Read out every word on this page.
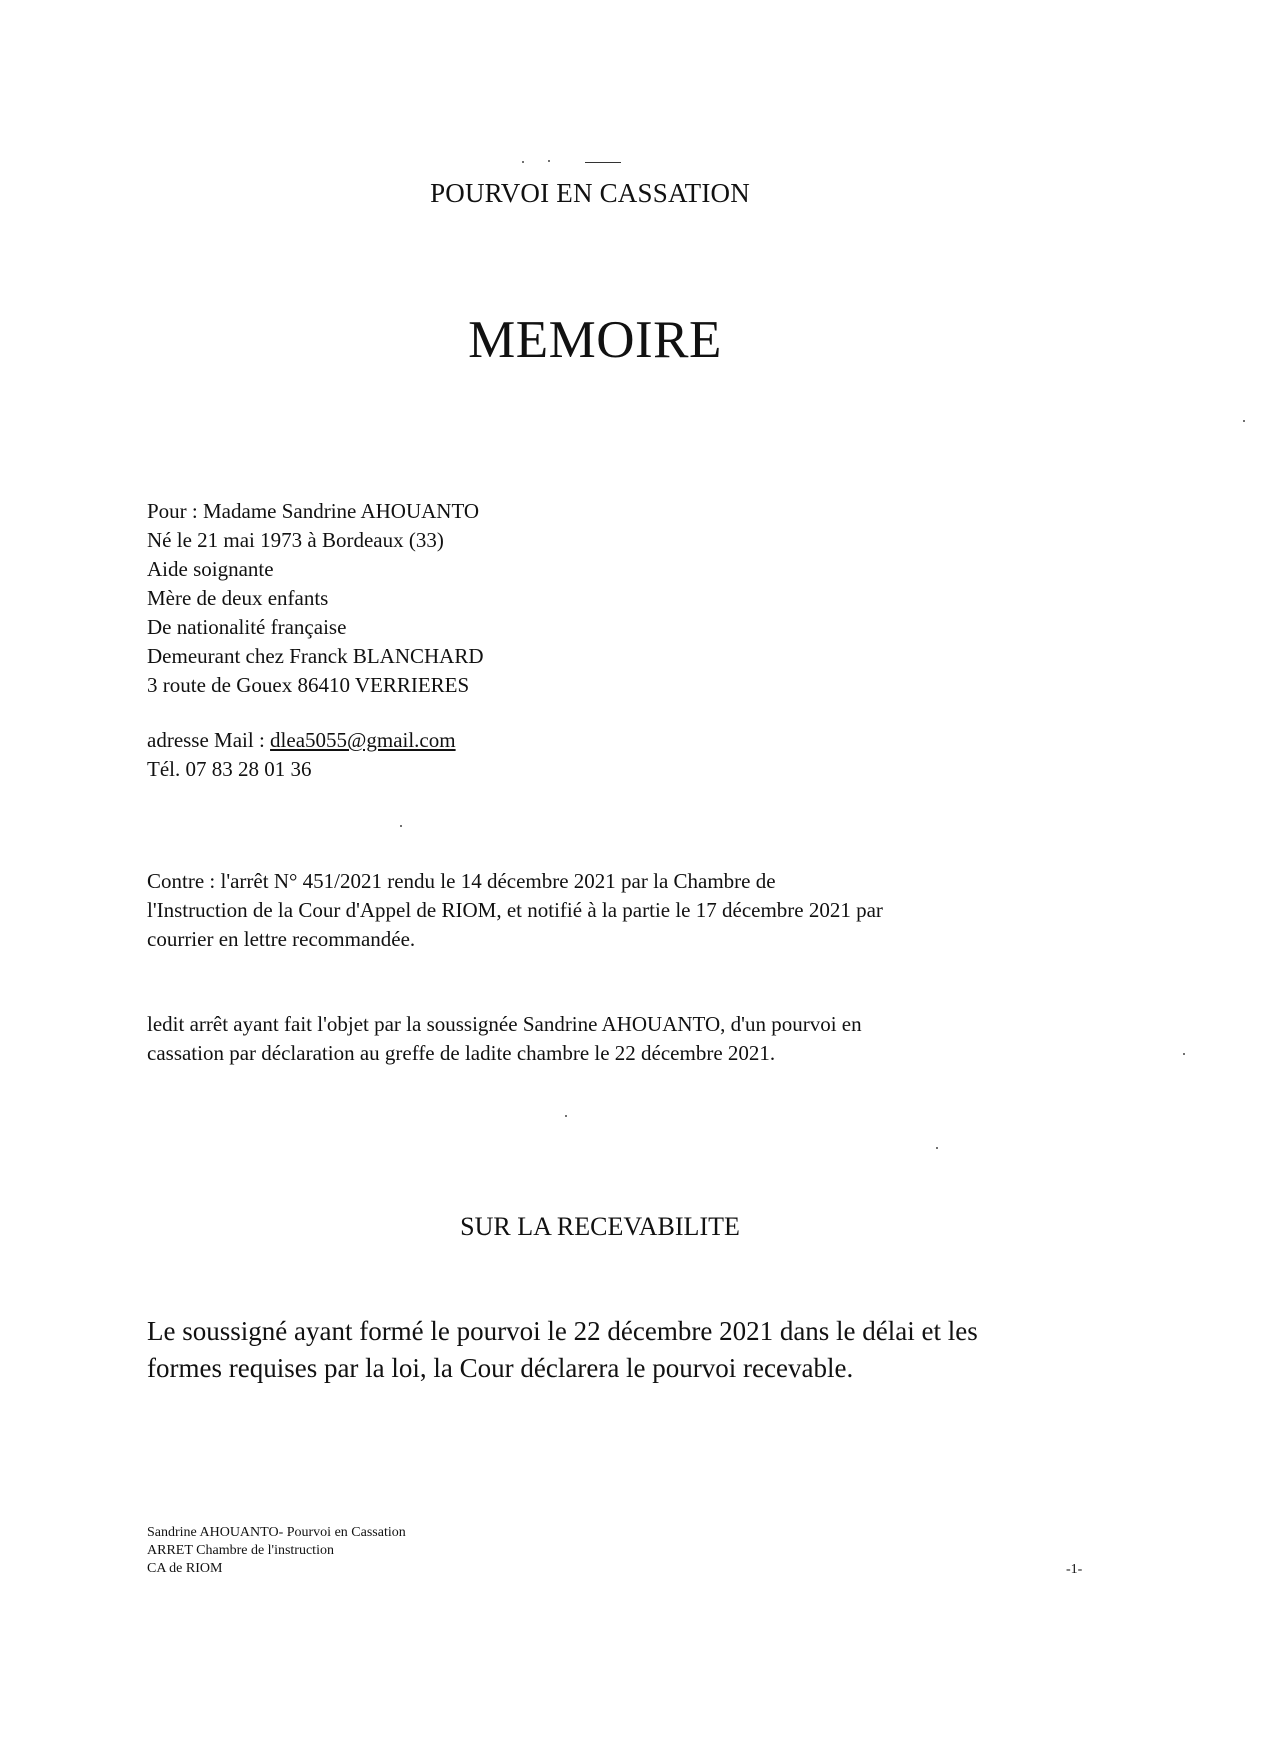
POURVOI EN CASSATION
MEMOIRE
Pour : Madame Sandrine AHOUANTO
Né le 21 mai 1973 à Bordeaux (33)
Aide soignante
Mère de deux enfants
De nationalité française
Demeurant chez Franck BLANCHARD
3 route de Gouex 86410 VERRIERES
adresse Mail : dlea5055@gmail.com
Tél. 07 83 28 01 36
Contre : l'arrêt N° 451/2021 rendu le 14 décembre 2021 par la Chambre de
l'Instruction de la Cour d'Appel de RIOM, et notifié à la partie le 17 décembre 2021 par
courrier en lettre recommandée.
ledit arrêt ayant fait l'objet par la soussignée Sandrine AHOUANTO, d'un pourvoi en
cassation par déclaration au greffe de ladite chambre le 22 décembre 2021.
SUR LA RECEVABILITE
Le soussigné ayant formé le pourvoi le 22 décembre 2021 dans le délai et les
formes requises par la loi, la Cour déclarera le pourvoi recevable.
Sandrine AHOUANTO- Pourvoi en Cassation
ARRET Chambre de l'instruction
CA de RIOM	-1-
